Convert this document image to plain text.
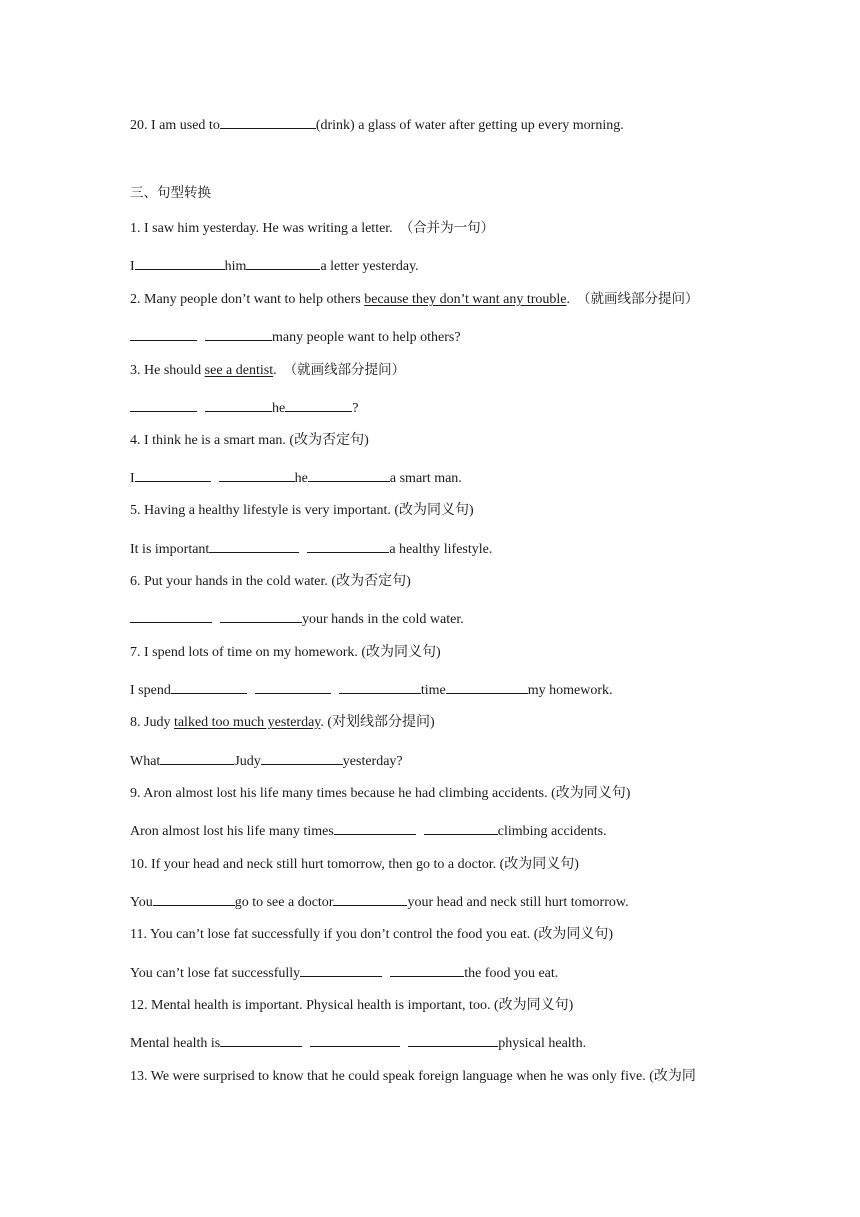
20. I am used to	(drink) a glass of water after getting up every morning.
三、句型转换
1. I saw him yesterday. He was writing a letter. （合并为一句）
I	him	a letter yesterday.
2. Many people don’t want to help others because they don’t want any trouble. （就画线部分提问）
many people want to help others?
3. He should see a dentist. （就画线部分提问）
he	?
4. I think he is a smart man. (改为否定句)
I	he	a smart man.
5. Having a healthy lifestyle is very important. (改为同义句)
It is important	a healthy lifestyle.
6. Put your hands in the cold water. (改为否定句)
your hands in the cold water.
7. I spend lots of time on my homework. (改为同义句)
I spend	time	my homework.
8. Judy talked too much yesterday. (对划线部分提问)
What	Judy	yesterday?
9. Aron almost lost his life many times because he had climbing accidents. (改为同义句)
Aron almost lost his life many times	climbing accidents.
10. If your head and neck still hurt tomorrow, then go to a doctor. (改为同义句)
You	go to see a doctor	your head and neck still hurt tomorrow.
11. You can’t lose fat successfully if you don’t control the food you eat. (改为同义句)
You can’t lose fat successfully	the food you eat.
12. Mental health is important. Physical health is important, too. (改为同义句)
Mental health is	physical health.
13. We were surprised to know that he could speak foreign language when he was only five. (改为同
